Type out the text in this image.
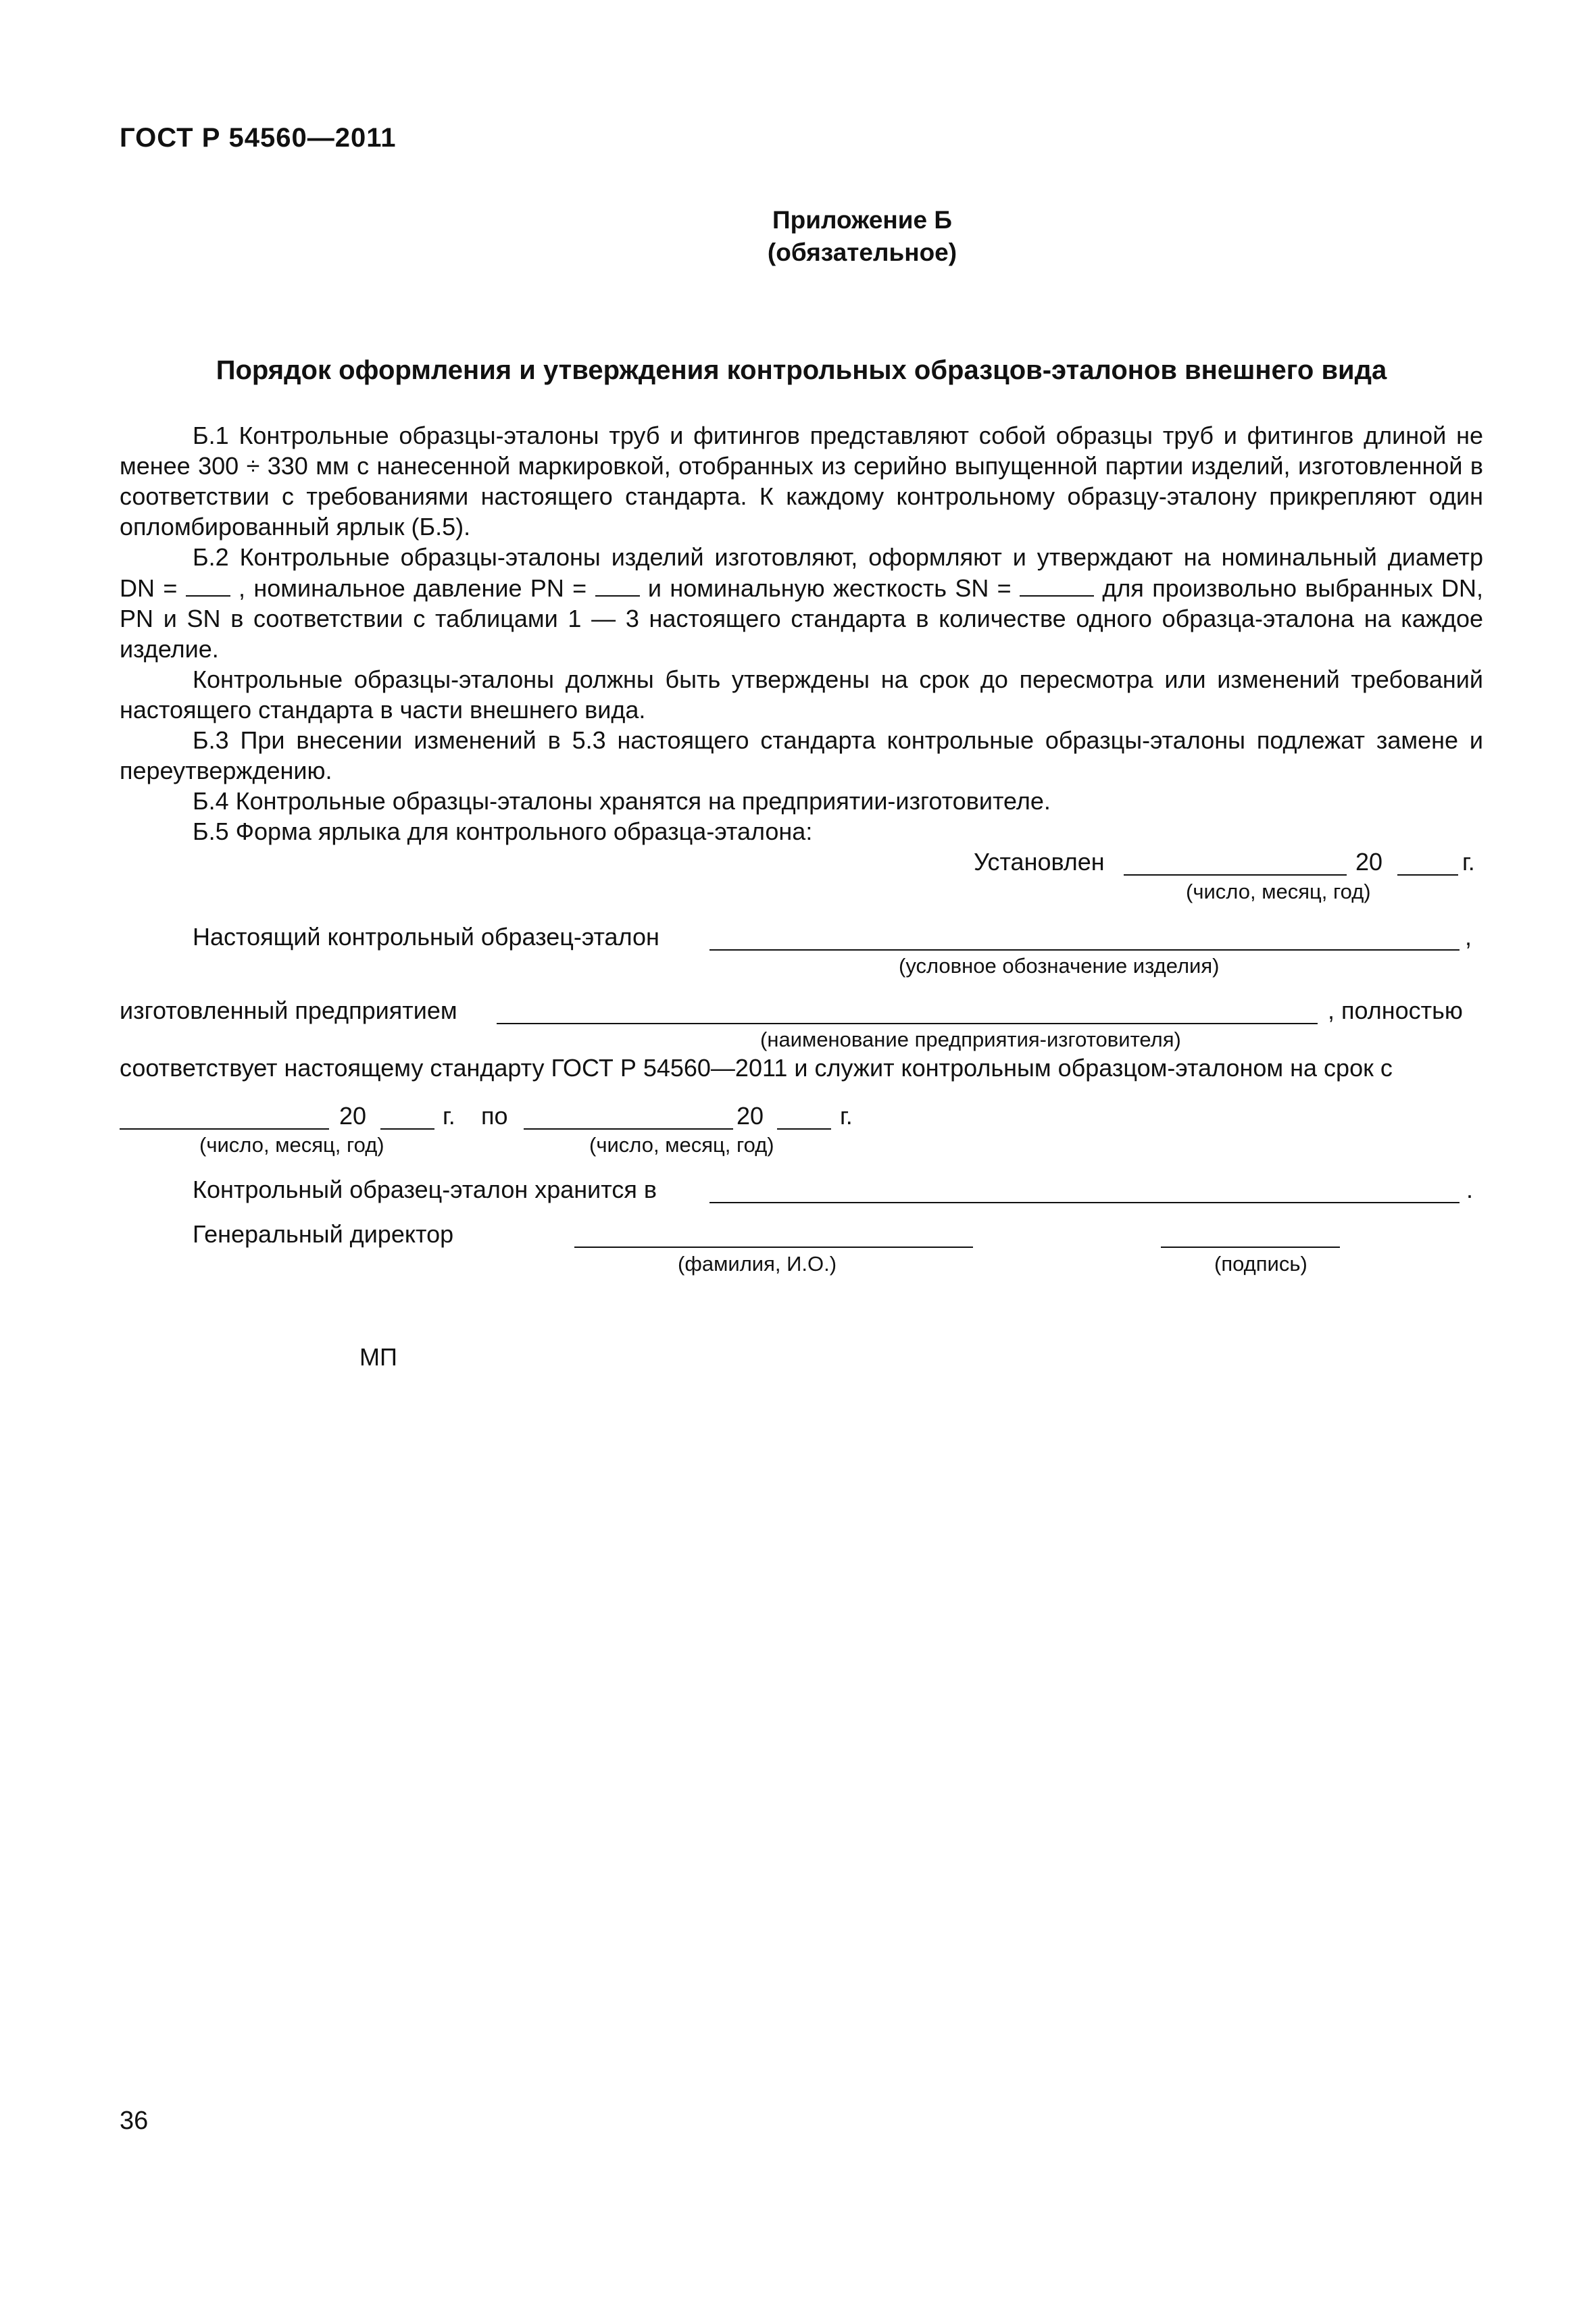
ГОСТ Р 54560—2011
Приложение Б
(обязательное)
Порядок оформления и утверждения контрольных образцов-эталонов внешнего вида

Б.1 Контрольные образцы-эталоны труб и фитингов представляют собой образцы труб и фитингов длиной не менее 300 ÷ 330 мм с нанесенной маркировкой, отобранных из серийно выпущенной партии изделий, изготовленной в соответствии с требованиями настоящего стандарта. К каждому контрольному образцу-эталону прикрепляют один опломбированный ярлык (Б.5).

Б.2 Контрольные образцы-эталоны изделий изготовляют, оформляют и утверждают на номинальный диаметр DN =  , номинальное давление PN =  и номинальную жесткость SN =	для произвольно выбранных DN, PN и SN в соответствии с таблицами 1 — 3 настоящего стандарта в количестве одного образца-эталона на каждое изделие.

Контрольные образцы-эталоны должны быть утверждены на срок до пересмотра или изменений требований настоящего стандарта в части внешнего вида.

Б.3 При внесении изменений в 5.3 настоящего стандарта контрольные образцы-эталоны подлежат замене и переутверждению.

Б.4 Контрольные образцы-эталоны хранятся на предприятии-изготовителе.

Б.5 Форма ярлыка для контрольного образца-эталона:

Установлен	20	г.
(число, месяц, год)
Настоящий контрольный образец-эталон	,
(условное обозначение изделия)
изготовленный предприятием	, полностью
(наименование предприятия-изготовителя)
соответствует настоящему стандарту ГОСТ Р 54560—2011 и служит контрольным образцом-эталоном на срок с
20	г. по	20	г.
(число, месяц, год)	(число, месяц, год)
Контрольный образец-эталон хранится в	.
Генеральный директор
(фамилия, И.О.)	(подпись)
МП
36
